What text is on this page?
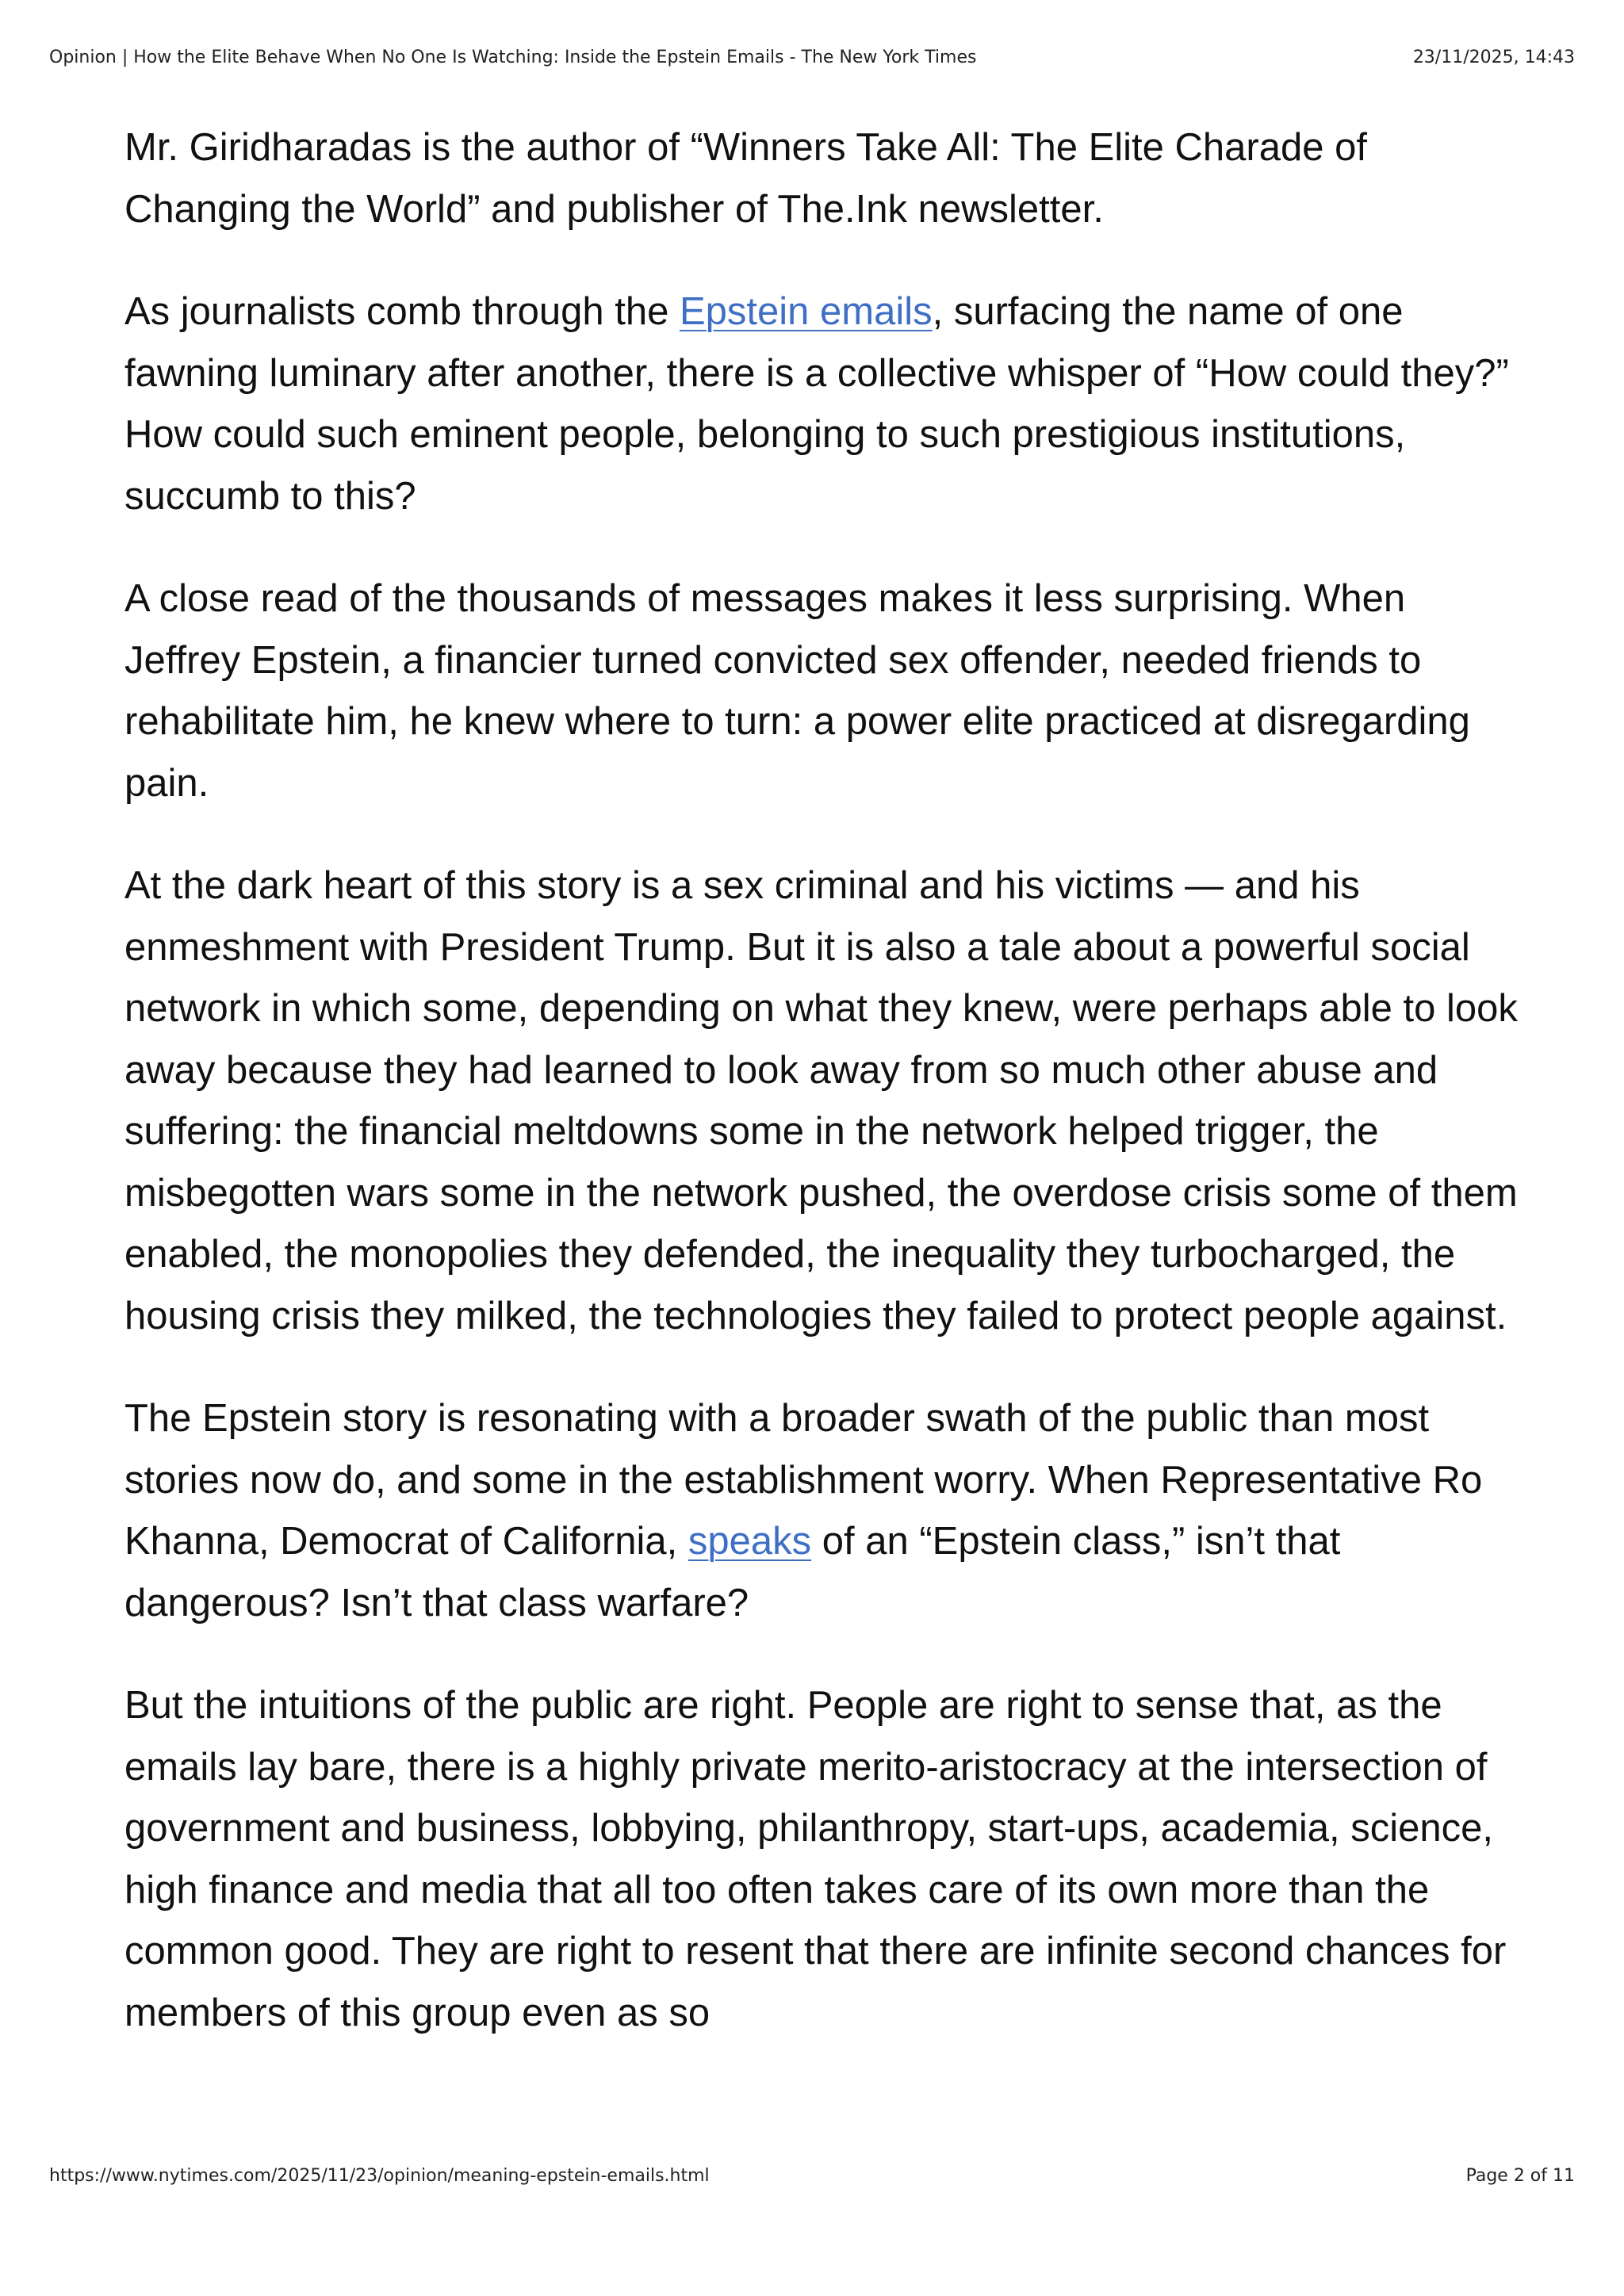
Opinion | How the Elite Behave When No One Is Watching: Inside the Epstein Emails - The New York Times	23/11/2025, 14:43

Mr. Giridharadas is the author of “Winners Take All: The Elite Charade of Changing the World” and publisher of The.Ink newsletter.

As journalists comb through the Epstein emails, surfacing the name of one fawning luminary after another, there is a collective whisper of “How could they?” How could such eminent people, belonging to such prestigious institutions, succumb to this?

A close read of the thousands of messages makes it less surprising. When Jeffrey Epstein, a financier turned convicted sex offender, needed friends to rehabilitate him, he knew where to turn: a power elite practiced at disregarding pain.

At the dark heart of this story is a sex criminal and his victims — and his enmeshment with President Trump. But it is also a tale about a powerful social network in which some, depending on what they knew, were perhaps able to look away because they had learned to look away from so much other abuse and suffering: the financial meltdowns some in the network helped trigger, the misbegotten wars some in the network pushed, the overdose crisis some of them enabled, the monopolies they defended, the inequality they turbocharged, the housing crisis they milked, the technologies they failed to protect people against.

The Epstein story is resonating with a broader swath of the public than most stories now do, and some in the establishment worry. When Representative Ro Khanna, Democrat of California, speaks of an “Epstein class,” isn’t that dangerous? Isn’t that class warfare?

But the intuitions of the public are right. People are right to sense that, as the emails lay bare, there is a highly private merito-aristocracy at the intersection of government and business, lobbying, philanthropy, start-ups, academia, science, high finance and media that all too often takes care of its own more than the common good. They are right to resent that there are infinite second chances for members of this group even as so

https://www.nytimes.com/2025/11/23/opinion/meaning-epstein-emails.html	Page 2 of 11
